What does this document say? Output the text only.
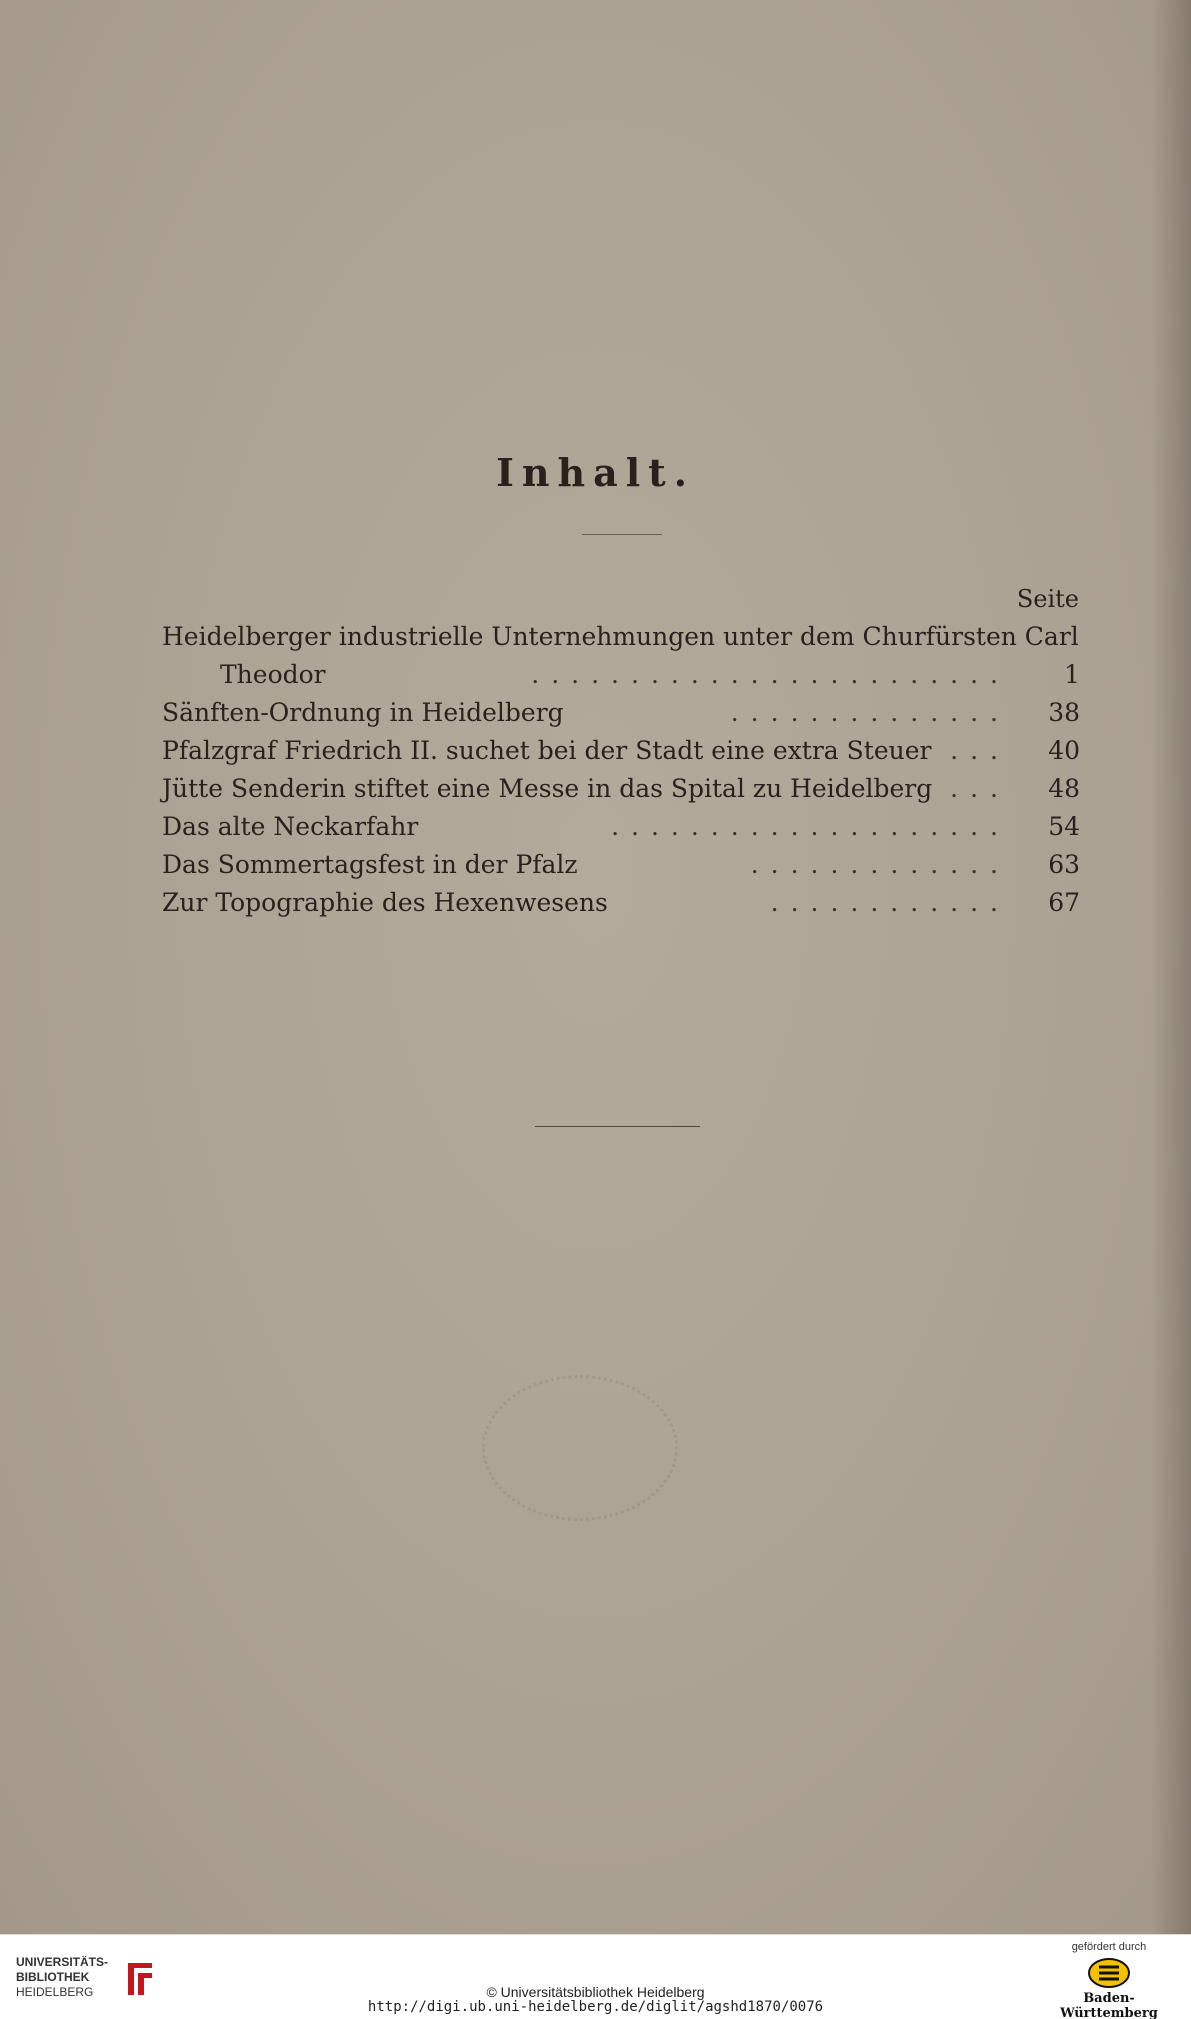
Inhalt.
Seite
Heidelberger industrielle Unternehmungen unter dem Churfürsten Carl
Theodor	........................	1
Sänften-Ordnung in Heidelberg	..............	38
Pfalzgraf Friedrich II. suchet bei der Stadt eine extra Steuer ...	40
Jütte Senderin stiftet eine Messe in das Spital zu Heidelberg ...	48
Das alte Neckarfahr	....................	54
Das Sommertagsfest in der Pfalz	.............	63
Zur Topographie des Hexenwesens	............	67
UNIVERSITÄTS-
BIBLIOTHEK
HEIDELBERG	© Universitätsbibliothek Heidelberg
http://digi.ub.uni-heidelberg.de/diglit/agshd1870/0076
gefördert durch
Baden-Württemberg
